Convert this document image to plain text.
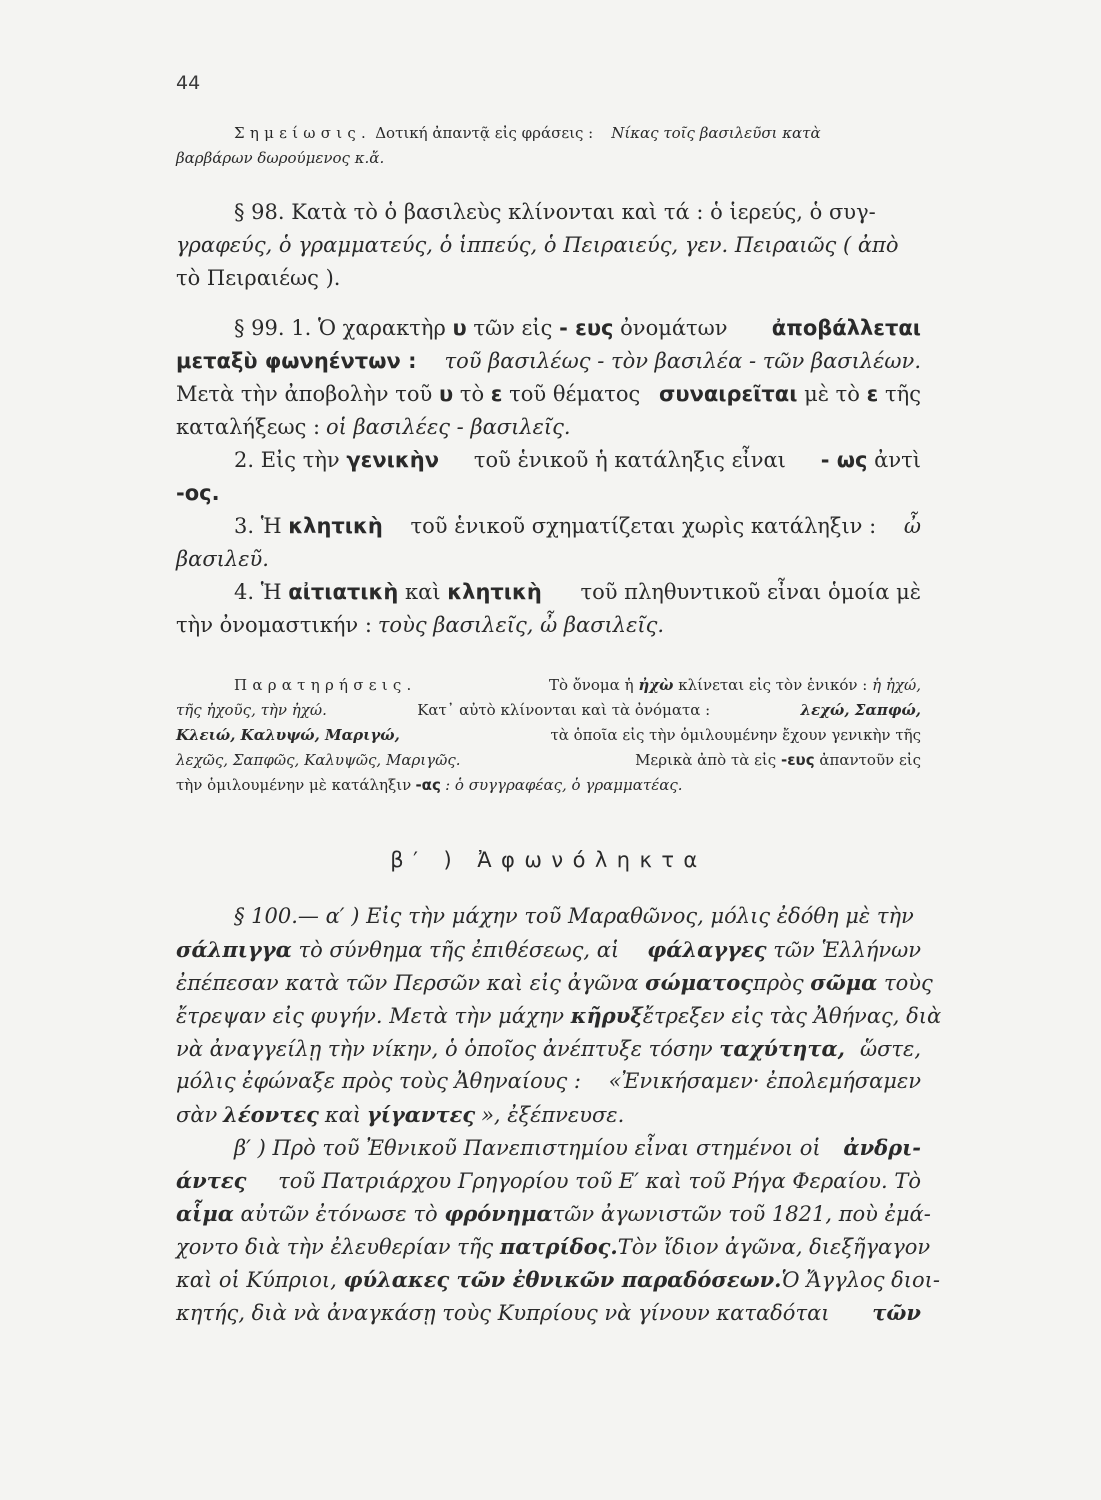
44
Σημείωσις. Δοτική ἀπαντᾷ εἰς φράσεις : Νίκας τοῖς βασιλεῦσι κατὰ
βαρβάρων δωρούμενος κ.ἄ.
§ 98. Κατὰ τὸ ὁ βασιλεὺς κλίνονται καὶ τά : ὁ ἱερεύς, ὁ συγ-
γραφεύς, ὁ γραμματεύς, ὁ ἱππεύς, ὁ Πειραιεύς, γεν. Πειραιῶς ( ἀπὸ
τὸ Πειραιέως ).
§ 99. 1. Ὁ χαρακτὴρ υ τῶν εἰς - ευς ὀνομάτων ἀποβάλλεται
μεταξὺ φωνηέντων : τοῦ βασιλέως - τὸν βασιλέα - τῶν βασιλέων.
Μετὰ τὴν ἀποβολὴν τοῦ υ τὸ ε τοῦ θέματος συναιρεῖται μὲ τὸ ε τῆς
καταλήξεως : οἱ βασιλέες - βασιλεῖς.
2. Εἰς τὴν γενικὴν τοῦ ἑνικοῦ ἡ κατάληξις εἶναι - ως ἀντὶ
-ος.
3. Ἡ κλητικὴ τοῦ ἑνικοῦ σχηματίζεται χωρὶς κατάληξιν : ὦ
βασιλεῦ.
4. Ἡ αἰτιατικὴ καὶ κλητικὴ τοῦ πληθυντικοῦ εἶναι ὁμοία μὲ
τὴν ὀνομαστικήν : τοὺς βασιλεῖς, ὦ βασιλεῖς.
Παρατηρήσεις.	Τὸ ὄνομα ἡ ἠχὼ κλίνεται εἰς τὸν ἑνικόν : ἡ ἠχώ,
τῆς ἠχοῦς, τὴν ἠχώ.	Κατ᾽ αὐτὸ κλίνονται καὶ τὰ ὀνόματα :	λεχώ, Σαπφώ,
Κλειώ, Καλυψώ, Μαριγώ,	τὰ ὁποῖα εἰς τὴν ὁμιλουμένην ἔχουν γενικὴν τῆς
λεχῶς, Σαπφῶς, Καλυψῶς, Μαριγῶς.	Μερικὰ ἀπὸ τὰ εἰς -ευς ἀπαντοῦν εἰς
τὴν ὁμιλουμένην μὲ κατάληξιν -ας : ὁ συγγραφέας, ὁ γραμματέας.
β′ ) Ἀφωνόληκτα
§ 100.— α′ ) Εἰς τὴν μάχην τοῦ Μαραθῶνος, μόλις ἐδόθη μὲ τὴν
σάλπιγγα τὸ σύνθημα τῆς ἐπιθέσεως, αἱ φάλαγγες τῶν Ἑλλήνων
ἐπέπεσαν κατὰ τῶν Περσῶν καὶ εἰς ἀγῶνα σώματος πρὸς σῶμα τοὺς
ἔτρεψαν εἰς φυγήν. Μετὰ τὴν μάχην κῆρυξ ἔτρεξεν εἰς τὰς Ἀθήνας, διὰ
νὰ ἀναγγείλῃ τὴν νίκην, ὁ ὁποῖος ἀνέπτυξε τόσην ταχύτητα, ὥστε,
μόλις ἐφώναξε πρὸς τοὺς Ἀθηναίους : «Ἐνικήσαμεν· ἐπολεμήσαμεν
σὰν λέοντες καὶ γίγαντες », ἐξέπνευσε.
β′ ) Πρὸ τοῦ Ἐθνικοῦ Πανεπιστημίου εἶναι στημένοι οἱ ἀνδρι-
άντες τοῦ Πατριάρχου Γρηγορίου τοῦ Ε′ καὶ τοῦ Ρήγα Φεραίου. Τὸ
αἷμα αὐτῶν ἐτόνωσε τὸ φρόνημα τῶν ἀγωνιστῶν τοῦ 1821, ποὺ ἐμά-
χοντο διὰ τὴν ἐλευθερίαν τῆς πατρίδος. Τὸν ἴδιον ἀγῶνα, διεξῆγαγον
καὶ οἱ Κύπριοι, φύλακες τῶν ἐθνικῶν παραδόσεων. Ὁ Ἄγγλος διοι-
κητής, διὰ νὰ ἀναγκάσῃ τοὺς Κυπρίους νὰ γίνουν καταδόται τῶν
